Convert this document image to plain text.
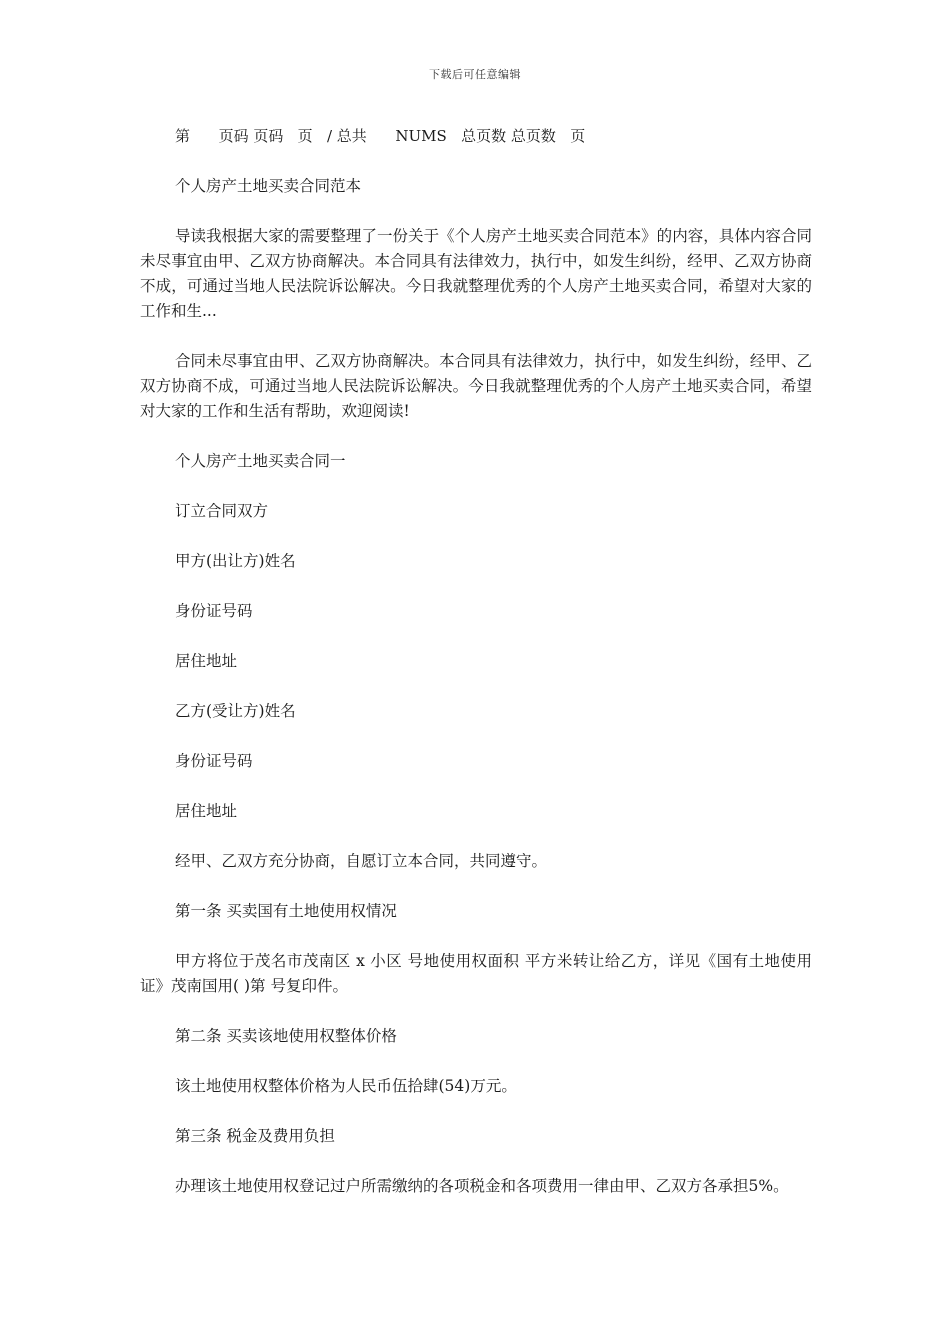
下载后可任意编辑
第      页码 页码   页   / 总共      NUMS   总页数 总页数   页

个人房产土地买卖合同范本

导读我根据大家的需要整理了一份关于《个人房产土地买卖合同范本》的内容，具体内容合同未尽事宜由甲、乙双方协商解决。本合同具有法律效力，执行中，如发生纠纷，经甲、乙双方协商不成，可通过当地人民法院诉讼解决。今日我就整理优秀的个人房产土地买卖合同，希望对大家的工作和生...

合同未尽事宜由甲、乙双方协商解决。本合同具有法律效力，执行中，如发生纠纷，经甲、乙双方协商不成，可通过当地人民法院诉讼解决。今日我就整理优秀的个人房产土地买卖合同，希望对大家的工作和生活有帮助，欢迎阅读!

个人房产土地买卖合同一

订立合同双方

甲方(出让方)姓名

身份证号码

居住地址

乙方(受让方)姓名

身份证号码

居住地址

经甲、乙双方充分协商，自愿订立本合同，共同遵守。

第一条 买卖国有土地使用权情况

甲方将位于茂名市茂南区 x 小区 号地使用权面积 平方米转让给乙方，详见《国有土地使用证》茂南国用( )第 号复印件。

第二条 买卖该地使用权整体价格

该土地使用权整体价格为人民币伍拾肆(54)万元。

第三条 税金及费用负担

办理该土地使用权登记过户所需缴纳的各项税金和各项费用一律由甲、乙双方各承担5%。
